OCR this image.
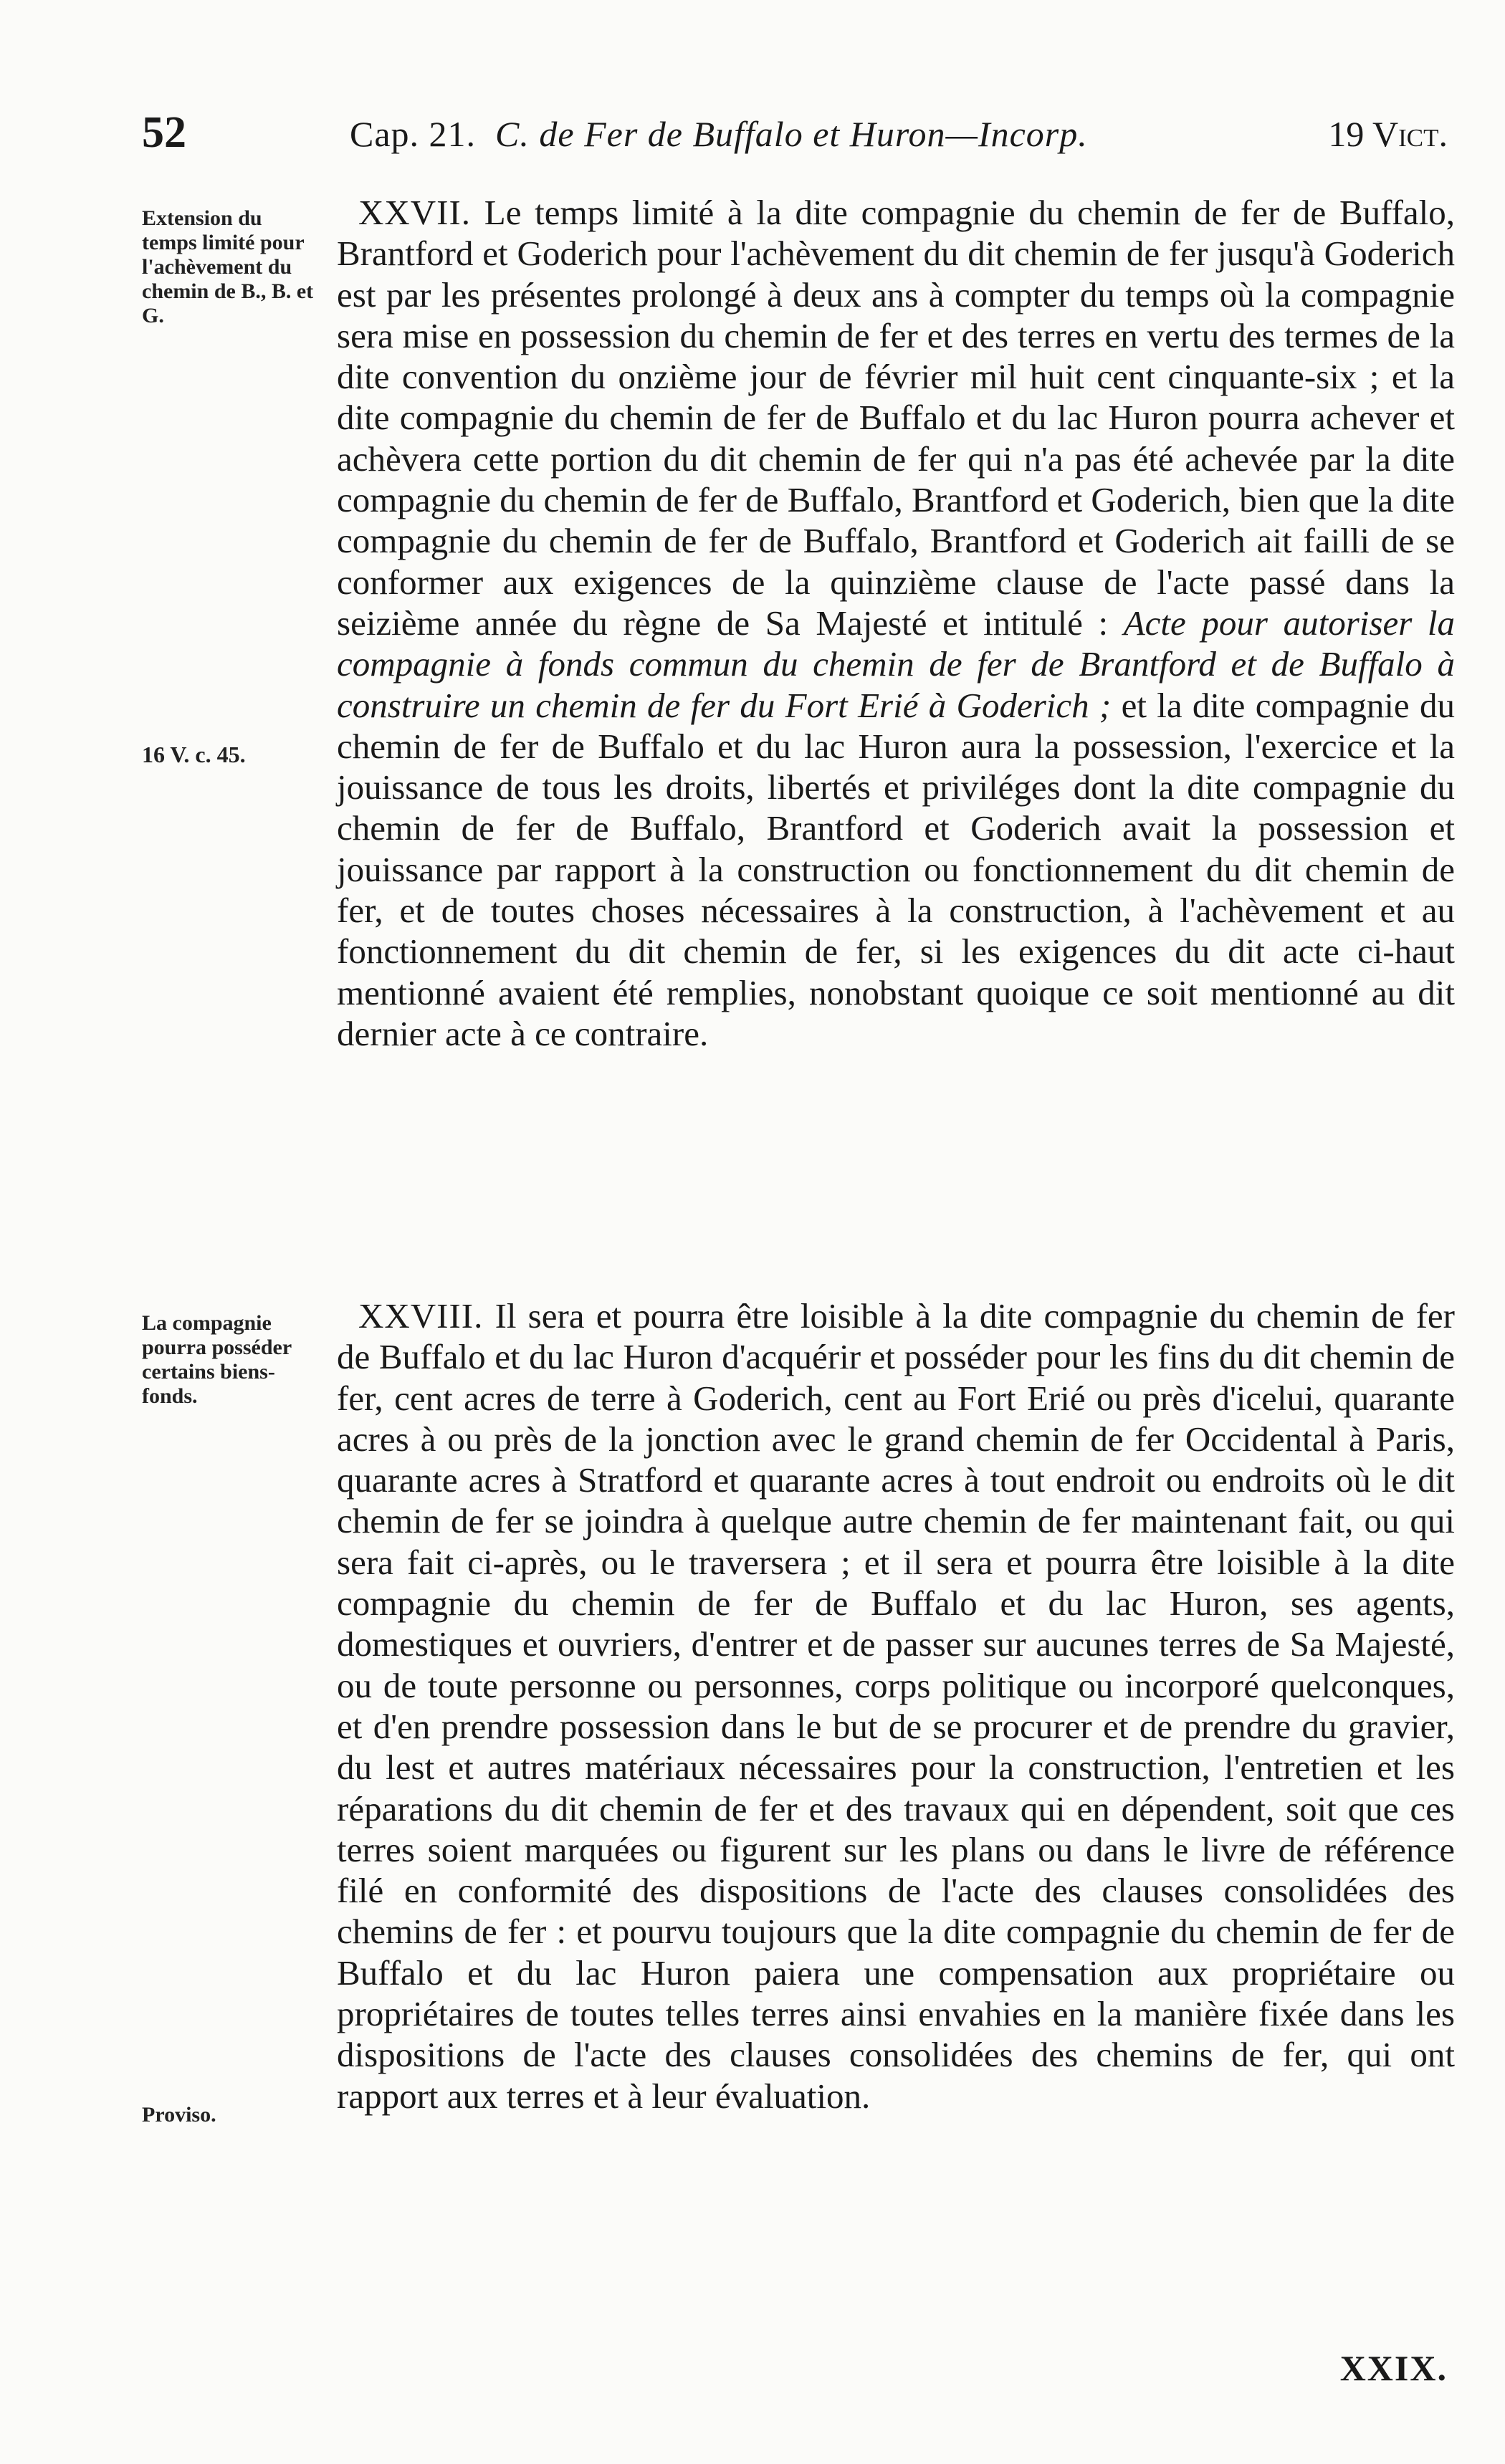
52	Cap. 21. C. de Fer de Buffalo et Huron—Incorp.	19 Vict.
Extension du temps limité pour l'achèvement du chemin de B., B. et G.
16 V. c. 45.
La compagnie pourra posséder certains biens-fonds.
Proviso.

XXVII. Le temps limité à la dite compagnie du chemin de fer de Buffalo, Brantford et Goderich pour l'achèvement du dit chemin de fer jusqu'à Goderich est par les présentes prolongé à deux ans à compter du temps où la compagnie sera mise en possession du chemin de fer et des terres en vertu des termes de la dite convention du onzième jour de février mil huit cent cinquante-six ; et la dite compagnie du chemin de fer de Buffalo et du lac Huron pourra achever et achèvera cette portion du dit chemin de fer qui n'a pas été achevée par la dite compagnie du chemin de fer de Buffalo, Brantford et Goderich, bien que la dite compagnie du chemin de fer de Buffalo, Brantford et Goderich ait failli de se conformer aux exigences de la quinzième clause de l'acte passé dans la seizième année du règne de Sa Majesté et intitulé : Acte pour autoriser la compagnie à fonds commun du chemin de fer de Brantford et de Buffalo à construire un chemin de fer du Fort Erié à Goderich ; et la dite compagnie du chemin de fer de Buffalo et du lac Huron aura la possession, l'exercice et la jouissance de tous les droits, libertés et priviléges dont la dite compagnie du chemin de fer de Buffalo, Brantford et Goderich avait la possession et jouissance par rapport à la construction ou fonctionnement du dit chemin de fer, et de toutes choses nécessaires à la construction, à l'achèvement et au fonctionnement du dit chemin de fer, si les exigences du dit acte ci-haut mentionné avaient été remplies, nonobstant quoique ce soit mentionné au dit dernier acte à ce contraire.

XXVIII. Il sera et pourra être loisible à la dite compagnie du chemin de fer de Buffalo et du lac Huron d'acquérir et posséder pour les fins du dit chemin de fer, cent acres de terre à Goderich, cent au Fort Erié ou près d'icelui, quarante acres à ou près de la jonction avec le grand chemin de fer Occidental à Paris, quarante acres à Stratford et quarante acres à tout endroit ou endroits où le dit chemin de fer se joindra à quelque autre chemin de fer maintenant fait, ou qui sera fait ci-après, ou le traversera ; et il sera et pourra être loisible à la dite compagnie du chemin de fer de Buffalo et du lac Huron, ses agents, domestiques et ouvriers, d'entrer et de passer sur aucunes terres de Sa Majesté, ou de toute personne ou personnes, corps politique ou incorporé quelconques, et d'en prendre possession dans le but de se procurer et de prendre du gravier, du lest et autres matériaux nécessaires pour la construction, l'entretien et les réparations du dit chemin de fer et des travaux qui en dépendent, soit que ces terres soient marquées ou figurent sur les plans ou dans le livre de référence filé en conformité des dispositions de l'acte des clauses consolidées des chemins de fer : et pourvu toujours que la dite compagnie du chemin de fer de Buffalo et du lac Huron paiera une compensation aux propriétaire ou propriétaires de toutes telles terres ainsi envahies en la manière fixée dans les dispositions de l'acte des clauses consolidées des chemins de fer, qui ont rapport aux terres et à leur évaluation.

XXIX.
